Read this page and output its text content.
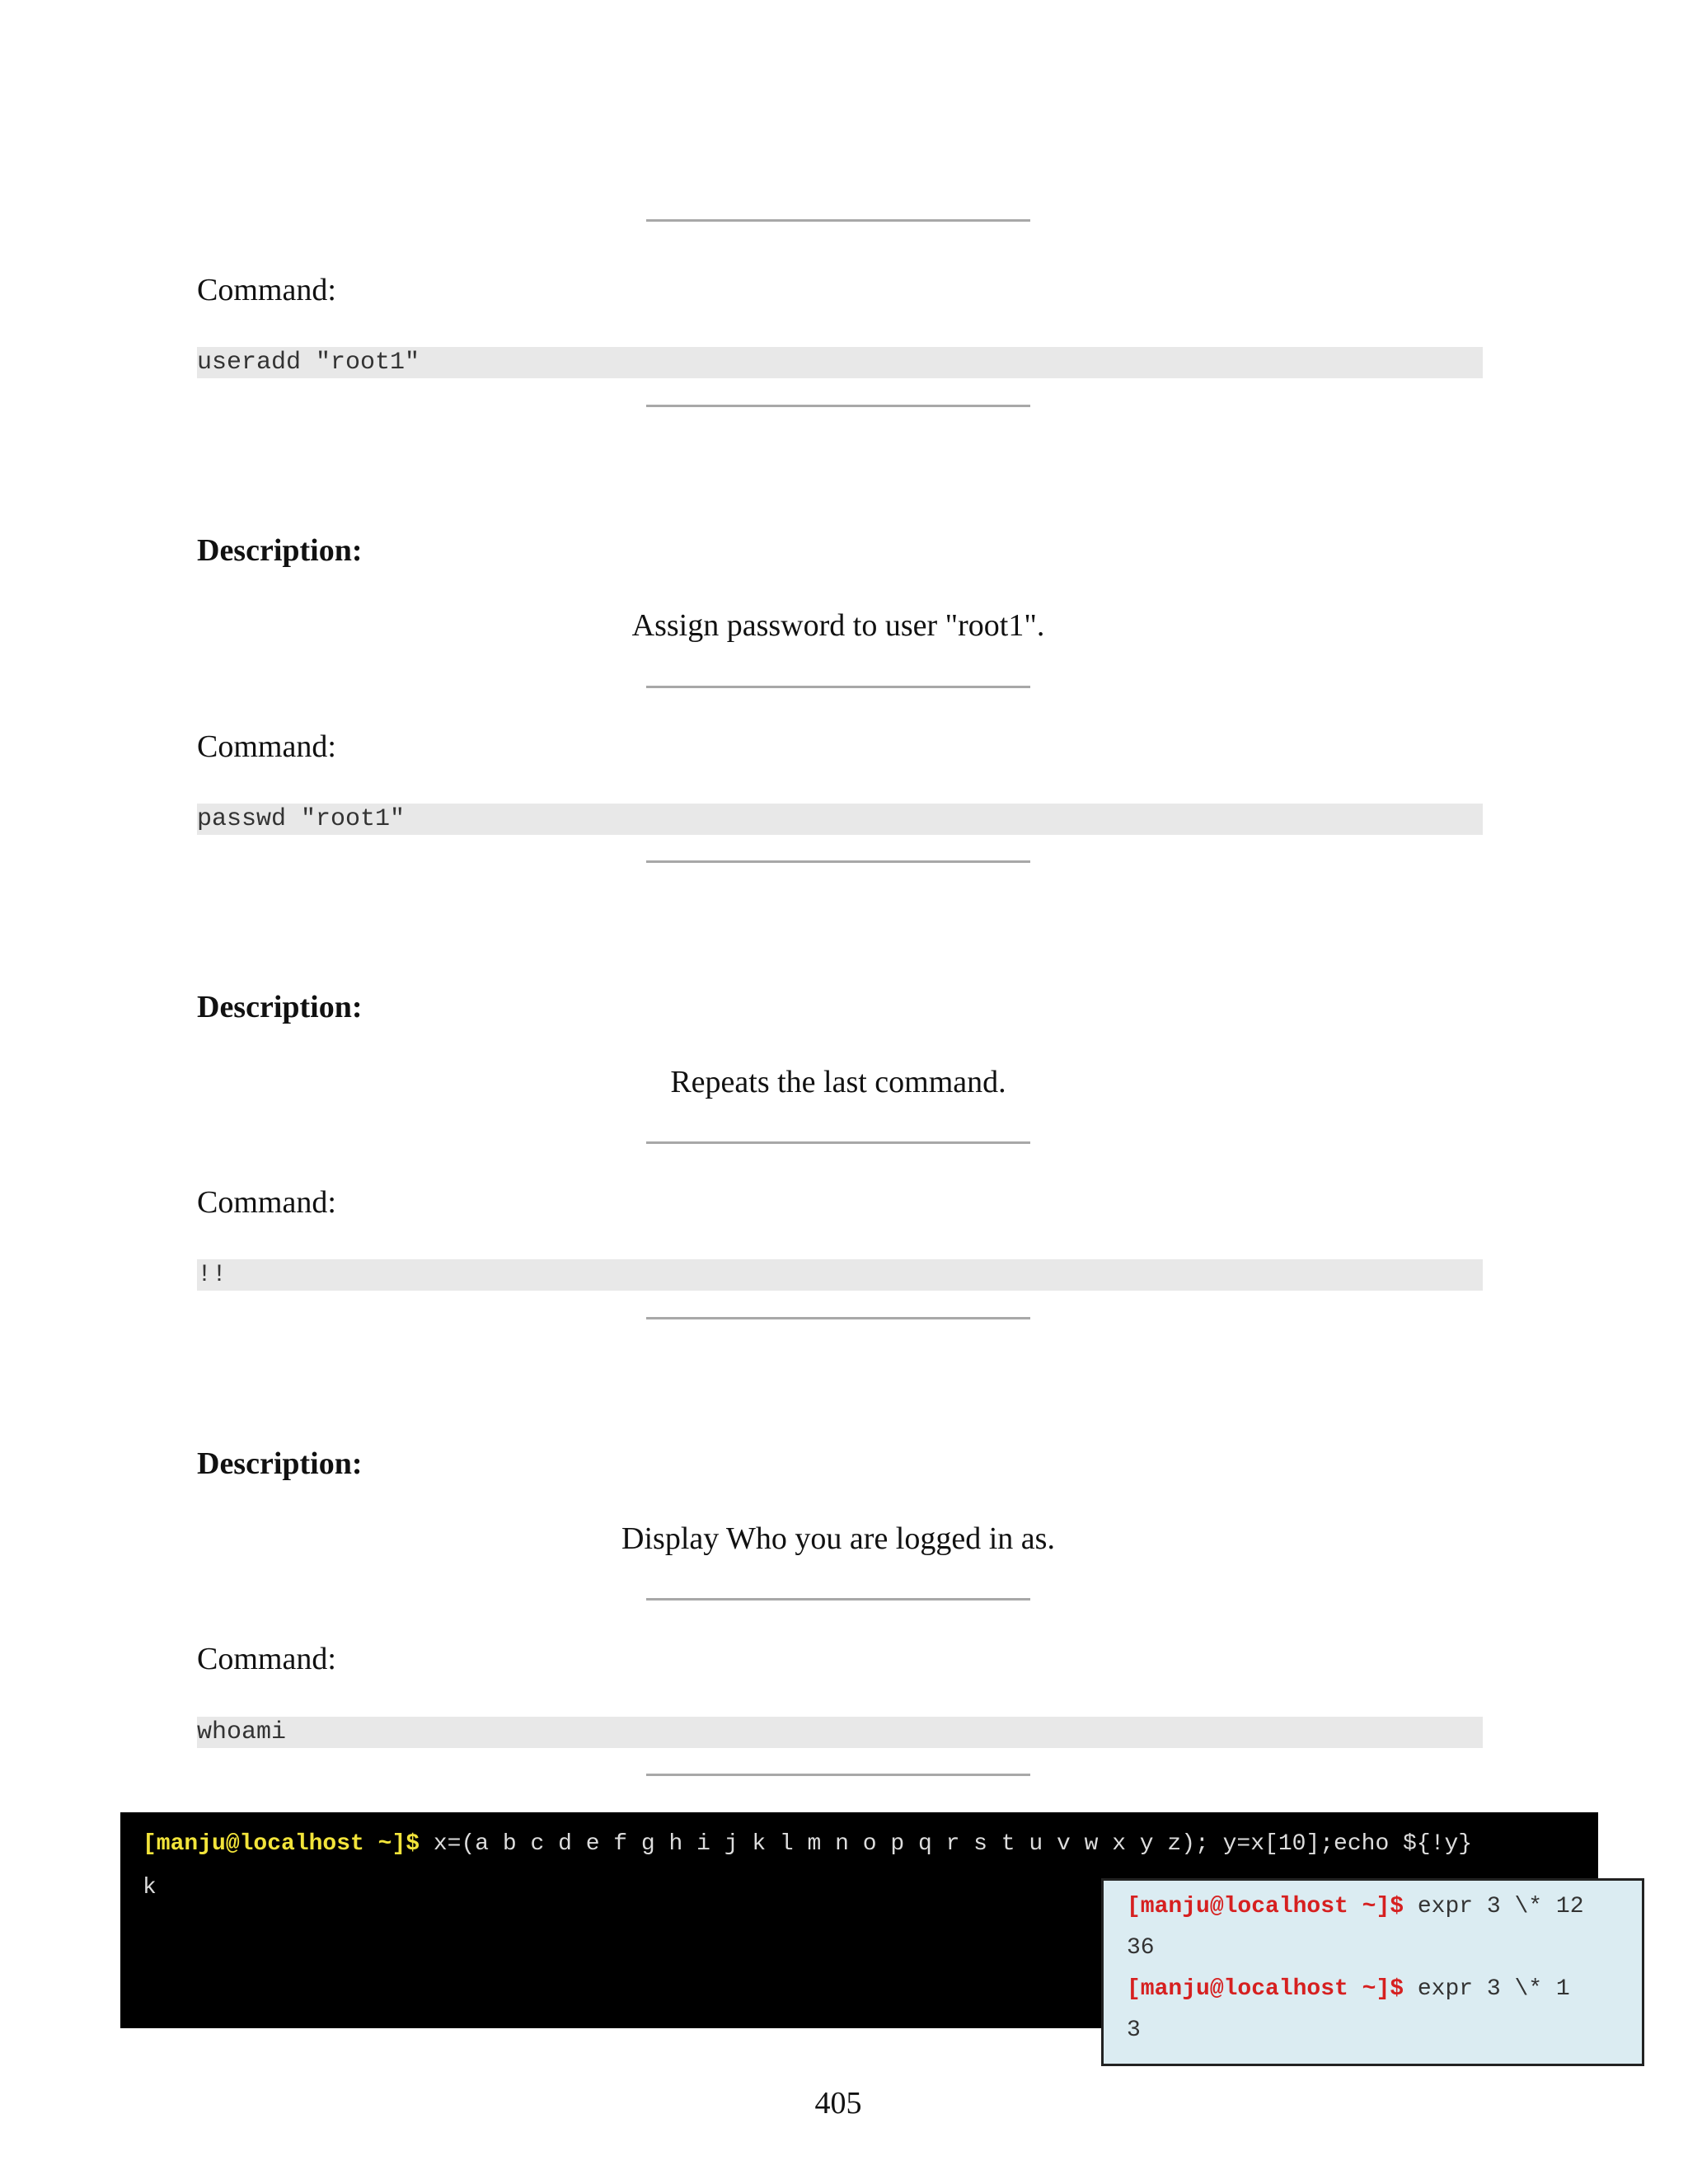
Command:
useradd "root1"
Description:
Assign password to user "root1".
Command:
passwd "root1"
Description:
Repeats the last command.
Command:
!!
Description:
Display Who you are logged in as.
Command:
whoami
[manju@localhost ~]$ x=(a b c d e f g h i j k l m n o p q r s t u v w x y z); y=x[10];echo ${!y}
k
[manju@localhost ~]$ expr 3 \* 12
36
[manju@localhost ~]$ expr 3 \* 1
3
405
